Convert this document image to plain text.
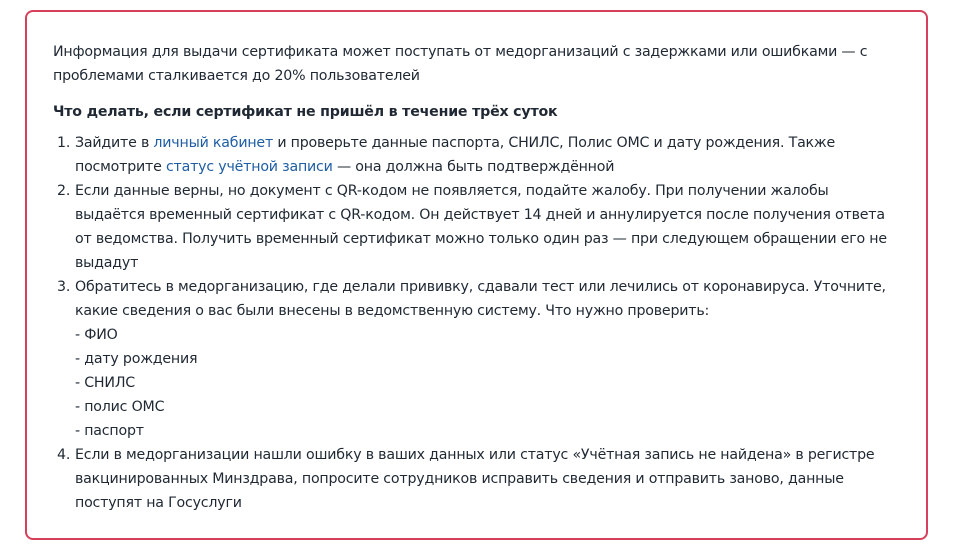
Информация для выдачи сертификата может поступать от медорганизаций с задержками или ошибками — с проблемами сталкивается до 20% пользователей

Что делать, если сертификат не пришёл в течение трёх суток
1. Зайдите в личный кабинет и проверьте данные паспорта, СНИЛС, Полис ОМС и дату рождения. Также посмотрите статус учётной записи — она должна быть подтверждённой
2. Если данные верны, но документ с QR-кодом не появляется, подайте жалобу. При получении жалобы выдаётся временный сертификат с QR-кодом. Он действует 14 дней и аннулируется после получения ответа от ведомства. Получить временный сертификат можно только один раз — при следующем обращении его не выдадут
3. Обратитесь в медорганизацию, где делали прививку, сдавали тест или лечились от коронавируса. Уточните, какие сведения о вас были внесены в ведомственную систему. Что нужно проверить:
- ФИО
- дату рождения
- СНИЛС
- полис ОМС
- паспорт
4. Если в медорганизации нашли ошибку в ваших данных или статус «Учётная запись не найдена» в регистре вакцинированных Минздрава, попросите сотрудников исправить сведения и отправить заново, данные поступят на Госуслуги
